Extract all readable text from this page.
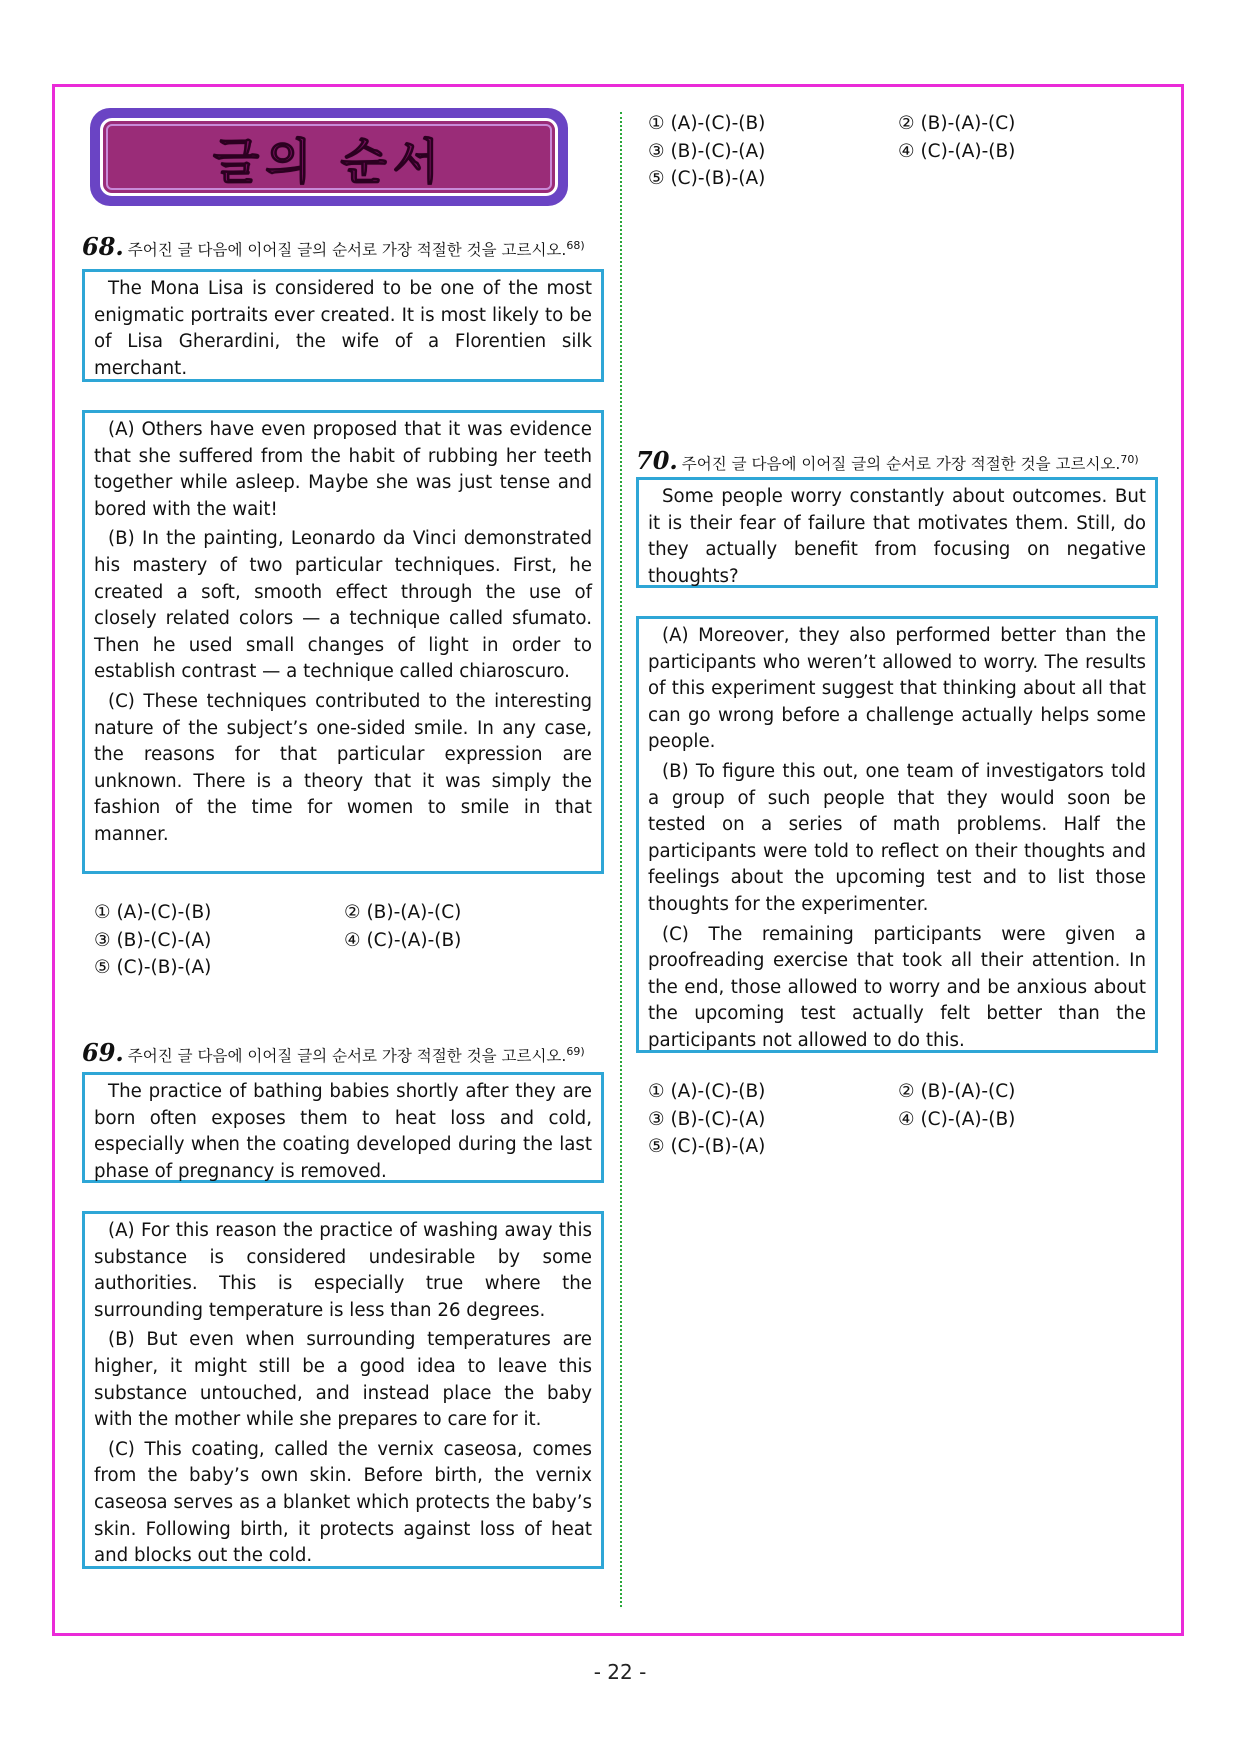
글의 순서
68. 주어진 글 다음에 이어질 글의 순서로 가장 적절한 것을 고르시오.$^{68)}$

The Mona Lisa is considered to be one of the most enigmatic portraits ever created. It is most likely to be of Lisa Gherardini, the wife of a Florentien silk merchant.

(A) Others have even proposed that it was evidence that she suffered from the habit of rubbing her teeth together while asleep. Maybe she was just tense and bored with the wait!

(B) In the painting, Leonardo da Vinci demonstrated his mastery of two particular techniques. First, he created a soft, smooth effect through the use of closely related colors — a technique called sfumato. Then he used small changes of light in order to establish contrast — a technique called chiaroscuro.

(C) These techniques contributed to the interesting nature of the subject’s one-sided smile. In any case, the reasons for that particular expression are unknown. There is a theory that it was simply the fashion of the time for women to smile in that manner.

① (A)-(C)-(B)	② (B)-(A)-(C)
③ (B)-(C)-(A)	④ (C)-(A)-(B)
⑤ (C)-(B)-(A)
69. 주어진 글 다음에 이어질 글의 순서로 가장 적절한 것을 고르시오.$^{69)}$

The practice of bathing babies shortly after they are born often exposes them to heat loss and cold, especially when the coating developed during the last phase of pregnancy is removed.

(A) For this reason the practice of washing away this substance is considered undesirable by some authorities. This is especially true where the surrounding temperature is less than 26 degrees.

(B) But even when surrounding temperatures are higher, it might still be a good idea to leave this substance untouched, and instead place the baby with the mother while she prepares to care for it.

(C) This coating, called the vernix caseosa, comes from the baby’s own skin. Before birth, the vernix caseosa serves as a blanket which protects the baby’s skin. Following birth, it protects against loss of heat and blocks out the cold.

① (A)-(C)-(B)	② (B)-(A)-(C)
③ (B)-(C)-(A)	④ (C)-(A)-(B)
⑤ (C)-(B)-(A)
70. 주어진 글 다음에 이어질 글의 순서로 가장 적절한 것을 고르시오.$^{70)}$

Some people worry constantly about outcomes. But it is their fear of failure that motivates them. Still, do they actually benefit from focusing on negative thoughts?

(A) Moreover, they also performed better than the participants who weren’t allowed to worry. The results of this experiment suggest that thinking about all that can go wrong before a challenge actually helps some people.

(B) To figure this out, one team of investigators told a group of such people that they would soon be tested on a series of math problems. Half the participants were told to reflect on their thoughts and feelings about the upcoming test and to list those thoughts for the experimenter.

(C) The remaining participants were given a proofreading exercise that took all their attention. In the end, those allowed to worry and be anxious about the upcoming test actually felt better than the participants not allowed to do this.

① (A)-(C)-(B)	② (B)-(A)-(C)
③ (B)-(C)-(A)	④ (C)-(A)-(B)
⑤ (C)-(B)-(A)
- 22 -
